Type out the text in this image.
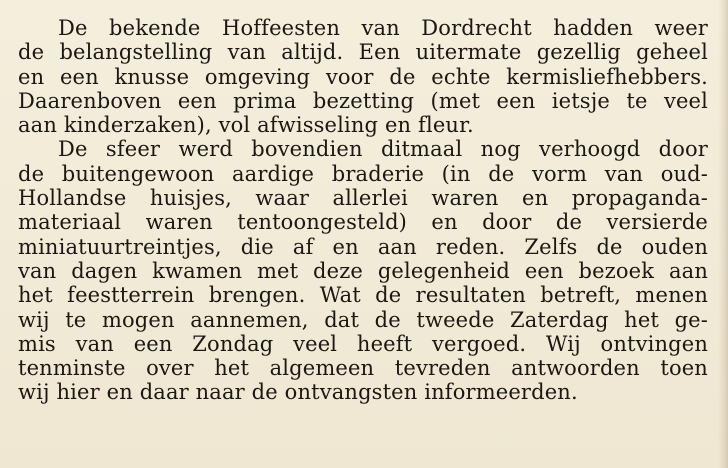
De bekende Hoffeesten van Dordrecht hadden weer
de belangstelling van altijd. Een uitermate gezellig geheel
en een knusse omgeving voor de echte kermisliefhebbers.
Daarenboven een prima bezetting (met een ietsje te veel
aan kinderzaken), vol afwisseling en fleur.
De sfeer werd bovendien ditmaal nog verhoogd door
de buitengewoon aardige braderie (in de vorm van oud-
Hollandse huisjes, waar allerlei waren en propaganda-
materiaal waren tentoongesteld) en door de versierde
miniatuurtreintjes, die af en aan reden. Zelfs de ouden
van dagen kwamen met deze gelegenheid een bezoek aan
het feestterrein brengen. Wat de resultaten betreft, menen
wij te mogen aannemen, dat de tweede Zaterdag het ge-
mis van een Zondag veel heeft vergoed. Wij ontvingen
tenminste over het algemeen tevreden antwoorden toen
wij hier en daar naar de ontvangsten informeerden.
